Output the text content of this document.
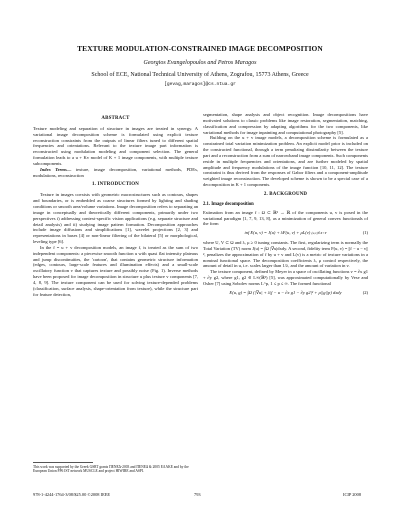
TEXTURE MODULATION-CONSTRAINED IMAGE DECOMPOSITION
Georgios Evangelopoulos and Petros Maragos
School of ECE, National Technical University of Athens, Zografou, 15773 Athens, Greece
[gevag,maragos]@cs.ntua.gr
ABSTRACT

Texture modeling and separation of structure in images are treated in synergy. A variational image decomposition scheme is formulated using explicit texture reconstruction constraints from the outputs of linear filters tuned to different spatial frequencies and orientations. Relevant to the texture image part information is reconstructed using modulation modeling and component selection. The general formulation leads to a u + Kv model of K + 1 image components, with multiple texture subcomponents.

Index Terms— texture, image decomposition, variational methods, PDEs, modulations, reconstruction

1. INTRODUCTION

Texture in images coexists with geometric macrostructures such as contours, shapes and boundaries, or is embedded as coarse structures formed by lighting and shading conditions or smooth area/volume variations. Image decomposition refers to separating an image in conceptually and theoretically different components, primarily under two perspectives i) addressing context-specific vision applications (e.g. separate structure and detail analysis) and ii) studying image pattern formation. Decomposition approaches include image diffusions and simplifications [1], wavelet projections [2, 3] and representations in bases [4] or non-linear filtering of the bilateral [5] or morphological, leveling type [6].

In the f = u + v decomposition models, an image f, is treated as the sum of two independent components: a piecewise smooth function u with quasi flat intensity plateaus and jump discontinuities, the 'cartoon', that contains geometric structure information (edges, contours, large-scale features and illumination effects) and a small-scale oscillatory function v that captures texture and possibly noise (Fig. 1). Inverse methods have been proposed for image decomposition in structure u plus texture v components [7, 4, 8, 9]. The texture component can be used for solving texture-depended problems (classification, surface analysis, shape-orientation from texture), while the structure part for feature detection,

This work was supported by the Greek GSRT grants ΠΕΝΕΔ-2003 and ΠΕΝΕΔ & 2005 ΕΛΑΚΕ and by the European Union FP6 IST network MUSCLE and project HIWIRE and ASPI.

segmentation, shape analysis and object recognition. Image decompositions have motivated solutions to classic problems like image restoration, segmentation, matching, classification and compression by adapting algorithms for the two components, like variational methods for image inpainting and computational photography [5].

Building on the u + v image models, a decomposition scheme is formulated as a constrained total variation minimization problem. An explicit model prior is included on the constructed functional, through a term penalizing dissimilarity between the texture part and a reconstruction from a sum of narrowband image components. Such components reside in multiple frequencies and orientations, and are further modeled by spatial amplitude and frequency modulations of the image function [10, 11, 12]. The texture constraint is thus derived from the responses of Gabor filters and a component-amplitude weighted image reconstruction. The developed scheme is shown to be a special case of a decomposition in K + 1 components.

2. BACKGROUND
2.1. Image decomposition

Estimation from an image f : Ω ⊂ ℝ² → ℝ of the components u, v is posed in the variational paradigm [1, 7, 9, 13, 8], as a minimization of general convex functionals of the form

inf E(u, v) = J(u) + λF(u, v) + μL(v) (u,v)∈X×Y	(1)

where U, V ⊂ Ω and λ, μ ≥ 0 tuning constants. The first, regularizing term is normally the Total Variation (TV) norm J(u) = ∫Ω |∇u|dxdy. A second, fidelity term F(u, v) = ||f − u − v||², penalizes the approximation of f by u + v and L(v) is a metric of texture variations in a nominal functional space. The decomposition coefficients λ, μ control respectively, the amount of detail in u, i.e. scales larger than 1/λ, and the amount of variation in v.

The texture component, defined by Meyer in a space of oscillating functions v = ∂x g1 + ∂y g2, where g1, g2 ∈ L∞(ℝ²) [5], was approximated computationally by Vese and Osher [7] using Sobolev norms L^p, 1 ≤ p ≤ ∞. The formed functional

E(u, g) = ∫Ω (|∇u| + λ|f − u − ∂x g1 − ∂y g2|² + μ||g||p) dxdy	(2)
978-1-4244-1764-3/08/$25.00 ©2008 IEEE	793	ICIP 2008
